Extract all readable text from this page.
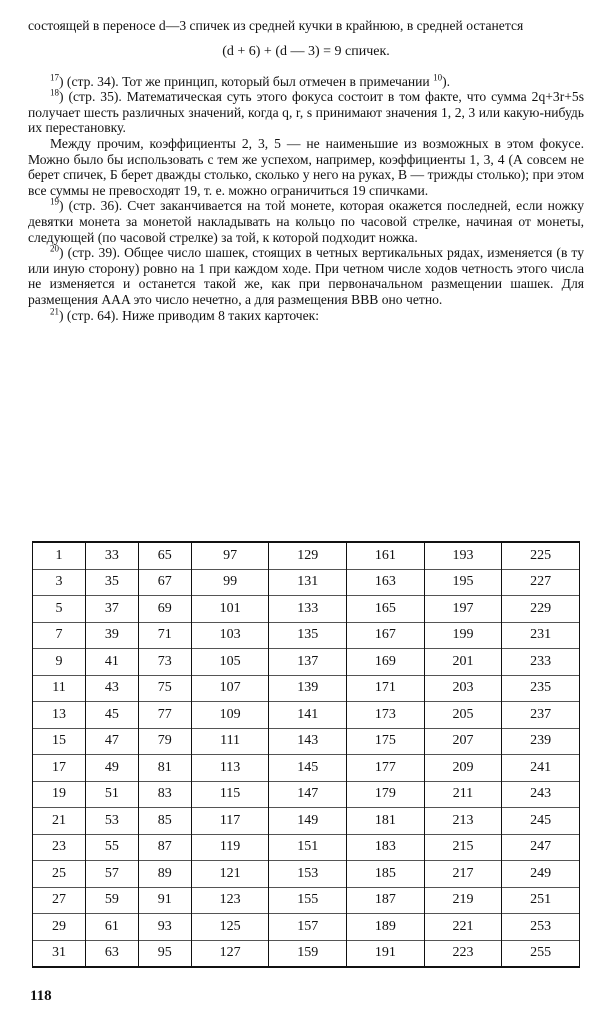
состоящей в переносе d—3 спичек из средней кучки в крайнюю, в средней останется

(d + 6) + (d — 3) = 9 спичек.

$^{17}$) (стр. 34). Тот же принцип, который был отмечен в примечании $^{10}$).

$^{18}$) (стр. 35). Математическая суть этого фокуса состоит в том факте, что сумма 2q+3r+5s получает шесть различных значений, когда q, r, s принимают значения 1, 2, 3 или какую-нибудь их перестановку.

Между прочим, коэффициенты 2, 3, 5 — не наименьшие из возможных в этом фокусе. Можно было бы использовать с тем же успехом, например, коэффициенты 1, 3, 4 (А совсем не берет спичек, Б берет дважды столько, сколько у него на руках, В — трижды столько); при этом все суммы не превосходят 19, т. е. можно ограничиться 19 спичками.

$^{19}$) (стр. 36). Счет заканчивается на той монете, которая окажется последней, если ножку девятки монета за монетой накладывать на кольцо по часовой стрелке, начиная от монеты, следующей (по часовой стрелке) за той, к которой подходит ножка.

$^{20}$) (стр. 39). Общее число шашек, стоящих в четных вертикальных рядах, изменяется (в ту или иную сторону) ровно на 1 при каждом ходе. При четном числе ходов четность этого числа не изменяется и останется такой же, как при первоначальном размещении шашек. Для размещения AAA это число нечетно, а для размещения BBB оно четно.

$^{21}$) (стр. 64). Ниже приводим 8 таких карточек:

1	33	65	97	129	161	193	225
3	35	67	99	131	163	195	227
5	37	69	101	133	165	197	229
7	39	71	103	135	167	199	231
9	41	73	105	137	169	201	233
11	43	75	107	139	171	203	235
13	45	77	109	141	173	205	237
15	47	79	111	143	175	207	239
17	49	81	113	145	177	209	241
19	51	83	115	147	179	211	243
21	53	85	117	149	181	213	245
23	55	87	119	151	183	215	247
25	57	89	121	153	185	217	249
27	59	91	123	155	187	219	251
29	61	93	125	157	189	221	253
31	63	95	127	159	191	223	255
118
